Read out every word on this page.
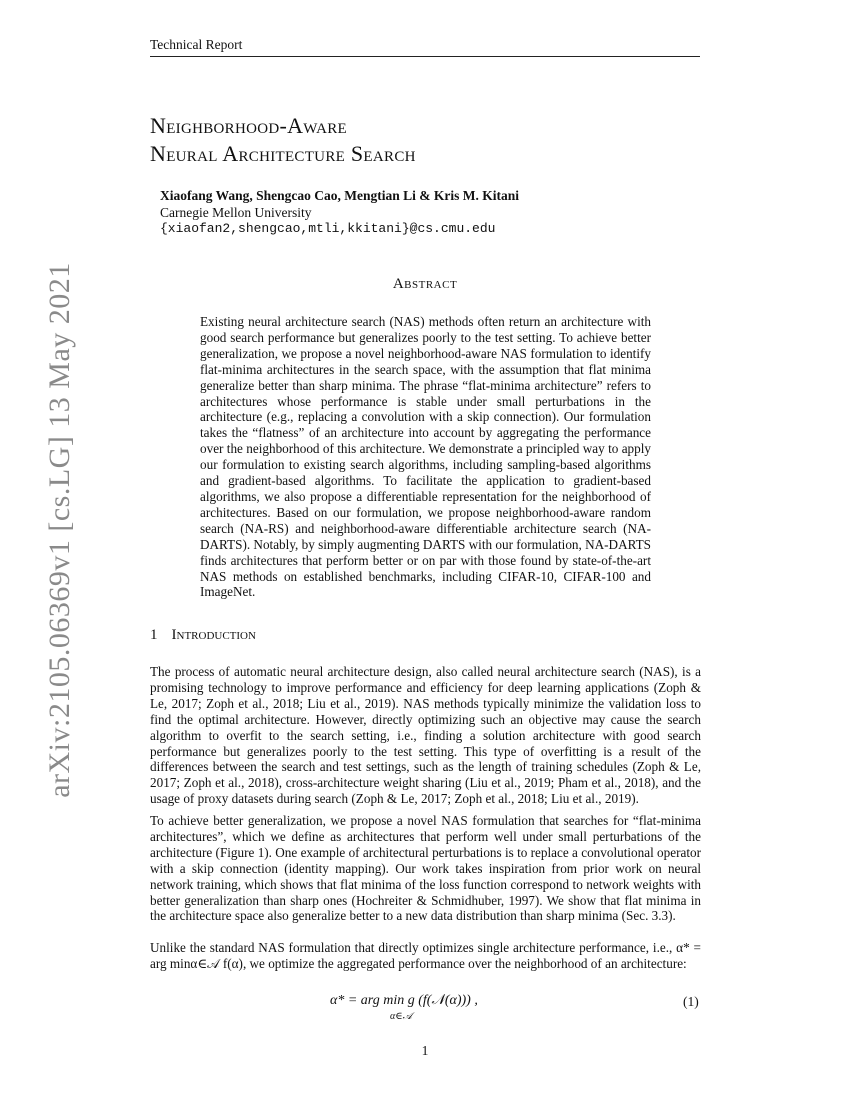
Technical Report
Neighborhood-Aware
Neural Architecture Search
Xiaofang Wang, Shengcao Cao, Mengtian Li & Kris M. Kitani
Carnegie Mellon University
{xiaofan2,shengcao,mtli,kkitani}@cs.cmu.edu
Abstract
Existing neural architecture search (NAS) methods often return an architecture with good search performance but generalizes poorly to the test setting. To achieve better generalization, we propose a novel neighborhood-aware NAS formulation to identify flat-minima architectures in the search space, with the assumption that flat minima generalize better than sharp minima. The phrase “flat-minima architecture” refers to architectures whose performance is stable under small perturbations in the architecture (e.g., replacing a convolution with a skip connection). Our formulation takes the “flatness” of an architecture into account by aggregating the performance over the neighborhood of this architecture. We demonstrate a principled way to apply our formulation to existing search algorithms, including sampling-based algorithms and gradient-based algorithms. To facilitate the application to gradient-based algorithms, we also propose a differentiable representation for the neighborhood of architectures. Based on our formulation, we propose neighborhood-aware random search (NA-RS) and neighborhood-aware differentiable architecture search (NA-DARTS). Notably, by simply augmenting DARTS with our formulation, NA-DARTS finds architectures that perform better or on par with those found by state-of-the-art NAS methods on established benchmarks, including CIFAR-10, CIFAR-100 and ImageNet.
1 Introduction
The process of automatic neural architecture design, also called neural architecture search (NAS), is a promising technology to improve performance and efficiency for deep learning applications (Zoph & Le, 2017; Zoph et al., 2018; Liu et al., 2019). NAS methods typically minimize the validation loss to find the optimal architecture. However, directly optimizing such an objective may cause the search algorithm to overfit to the search setting, i.e., finding a solution architecture with good search performance but generalizes poorly to the test setting. This type of overfitting is a result of the differences between the search and test settings, such as the length of training schedules (Zoph & Le, 2017; Zoph et al., 2018), cross-architecture weight sharing (Liu et al., 2019; Pham et al., 2018), and the usage of proxy datasets during search (Zoph & Le, 2017; Zoph et al., 2018; Liu et al., 2019).
To achieve better generalization, we propose a novel NAS formulation that searches for “flat-minima architectures”, which we define as architectures that perform well under small perturbations of the architecture (Figure 1). One example of architectural perturbations is to replace a convolutional operator with a skip connection (identity mapping). Our work takes inspiration from prior work on neural network training, which shows that flat minima of the loss function correspond to network weights with better generalization than sharp ones (Hochreiter & Schmidhuber, 1997). We show that flat minima in the architecture space also generalize better to a new data distribution than sharp minima (Sec. 3.3).
Unlike the standard NAS formulation that directly optimizes single architecture performance, i.e., α* = arg minα∈𝒜 f(α), we optimize the aggregated performance over the neighborhood of an architecture:
α* = arg min g (f(𝒩(α))) ,
α∈𝒜
(1)
1
arXiv:2105.06369v1 [cs.LG] 13 May 2021
